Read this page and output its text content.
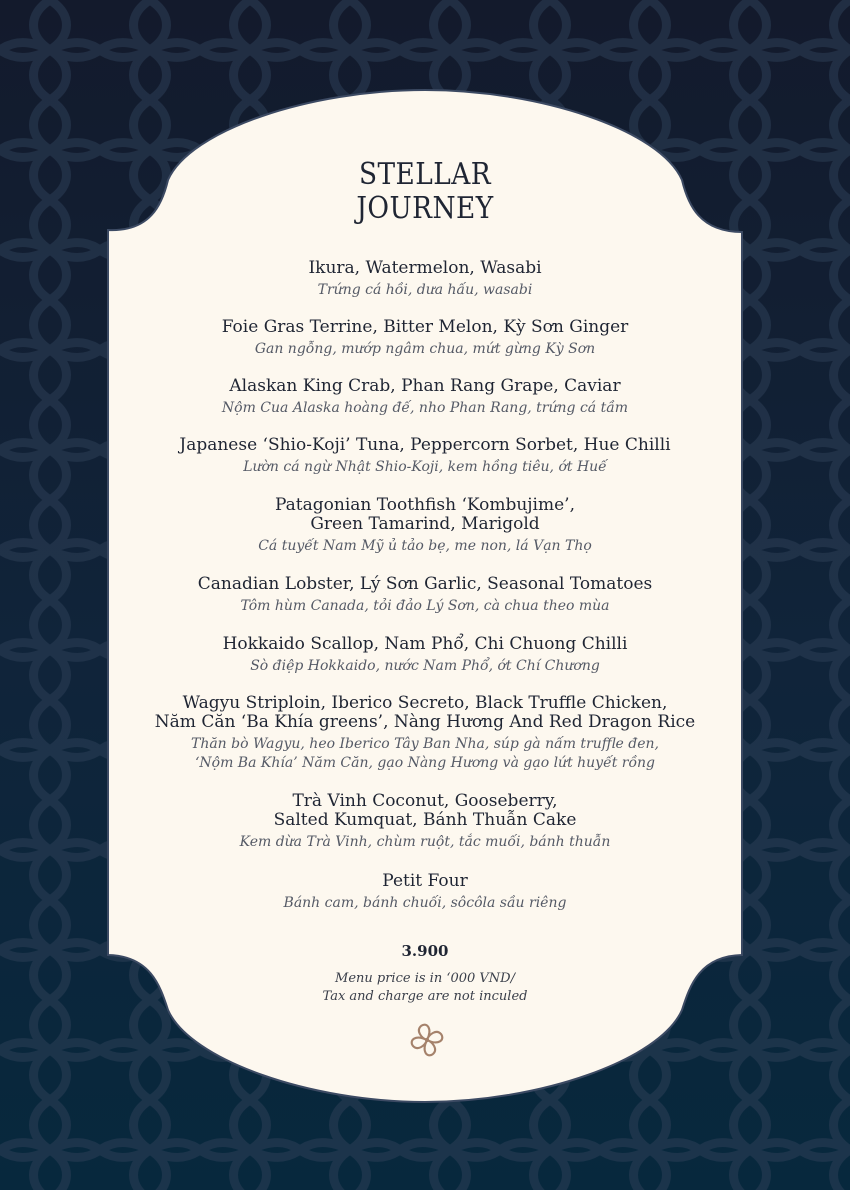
STELLAR
JOURNEY
Ikura, Watermelon, Wasabi
Trứng cá hồi, dưa hấu, wasabi
Foie Gras Terrine, Bitter Melon, Kỳ Sơn Ginger
Gan ngỗng, mướp ngâm chua, mứt gừng Kỳ Sơn
Alaskan King Crab, Phan Rang Grape, Caviar
Nộm Cua Alaska hoàng đế, nho Phan Rang, trứng cá tầm
Japanese ‘Shio-Koji’ Tuna, Peppercorn Sorbet, Hue Chilli
Lườn cá ngừ Nhật Shio-Koji, kem hồng tiêu, ớt Huế
Patagonian Toothfish ‘Kombujime’,
Green Tamarind, Marigold
Cá tuyết Nam Mỹ ủ tảo bẹ, me non, lá Vạn Thọ
Canadian Lobster, Lý Sơn Garlic, Seasonal Tomatoes
Tôm hùm Canada, tỏi đảo Lý Sơn, cà chua theo mùa
Hokkaido Scallop, Nam Phổ, Chi Chuong Chilli
Sò điệp Hokkaido, nước Nam Phổ, ớt Chí Chương
Wagyu Striploin, Iberico Secreto, Black Truffle Chicken,
Năm Căn ‘Ba Khía greens’, Nàng Hương And Red Dragon Rice
Thăn bò Wagyu, heo Iberico Tây Ban Nha, súp gà nấm truffle đen,
‘Nộm Ba Khía’ Năm Căn, gạo Nàng Hương và gạo lứt huyết rồng
Trà Vinh Coconut, Gooseberry,
Salted Kumquat, Bánh Thuẫn Cake
Kem dừa Trà Vinh, chùm ruột, tắc muối, bánh thuẫn
Petit Four
Bánh cam, bánh chuối, sôcôla sầu riêng
3.900
Menu price is in ‘000 VND/
Tax and charge are not inculed
